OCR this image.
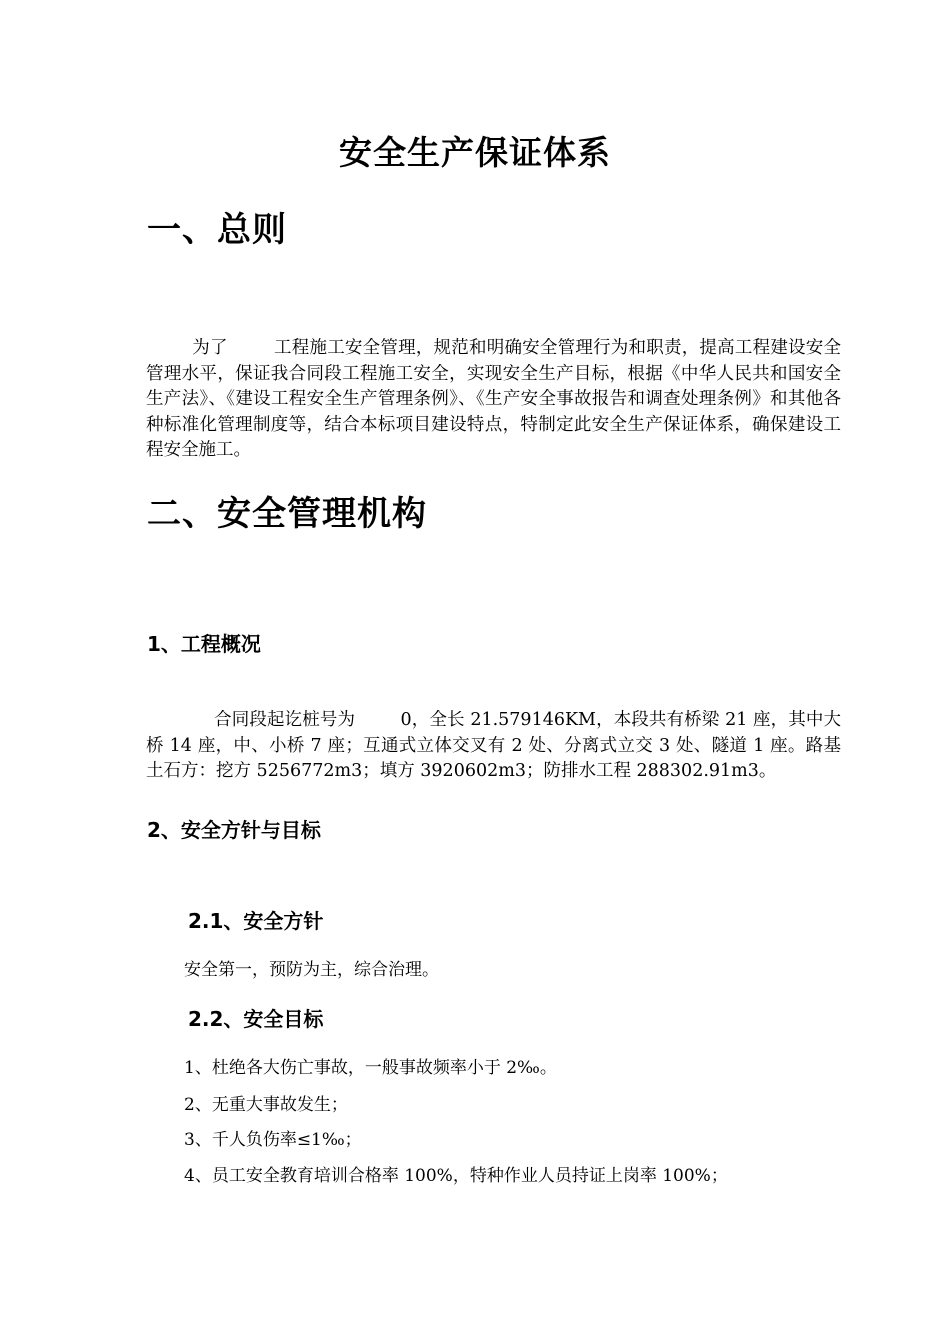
安全生产保证体系
一、总则
为了        工程施工安全管理，规范和明确安全管理行为和职责，提高工程建设安全管理水平，保证我合同段工程施工安全，实现安全生产目标，根据《中华人民共和国安全生产法》、《建设工程安全生产管理条例》、《生产安全事故报告和调查处理条例》和其他各种标准化管理制度等，结合本标项目建设特点，特制定此安全生产保证体系，确保建设工程安全施工。
二、安全管理机构
1、工程概况
合同段起讫桩号为        0，全长 21.579146KM，本段共有桥梁 21 座，其中大桥 14 座，中、小桥 7 座；互通式立体交叉有 2 处、分离式立交 3 处、隧道 1 座。路基土石方：挖方 5256772m3；填方 3920602m3；防排水工程 288302.91m3。
2、安全方针与目标
2.1、安全方针
安全第一，预防为主，综合治理。
2.2、安全目标
1、杜绝各大伤亡事故，一般事故频率小于 2‰。
2、无重大事故发生；
3、千人负伤率≤1‰；
4、员工安全教育培训合格率 100%，特种作业人员持证上岗率 100%；
